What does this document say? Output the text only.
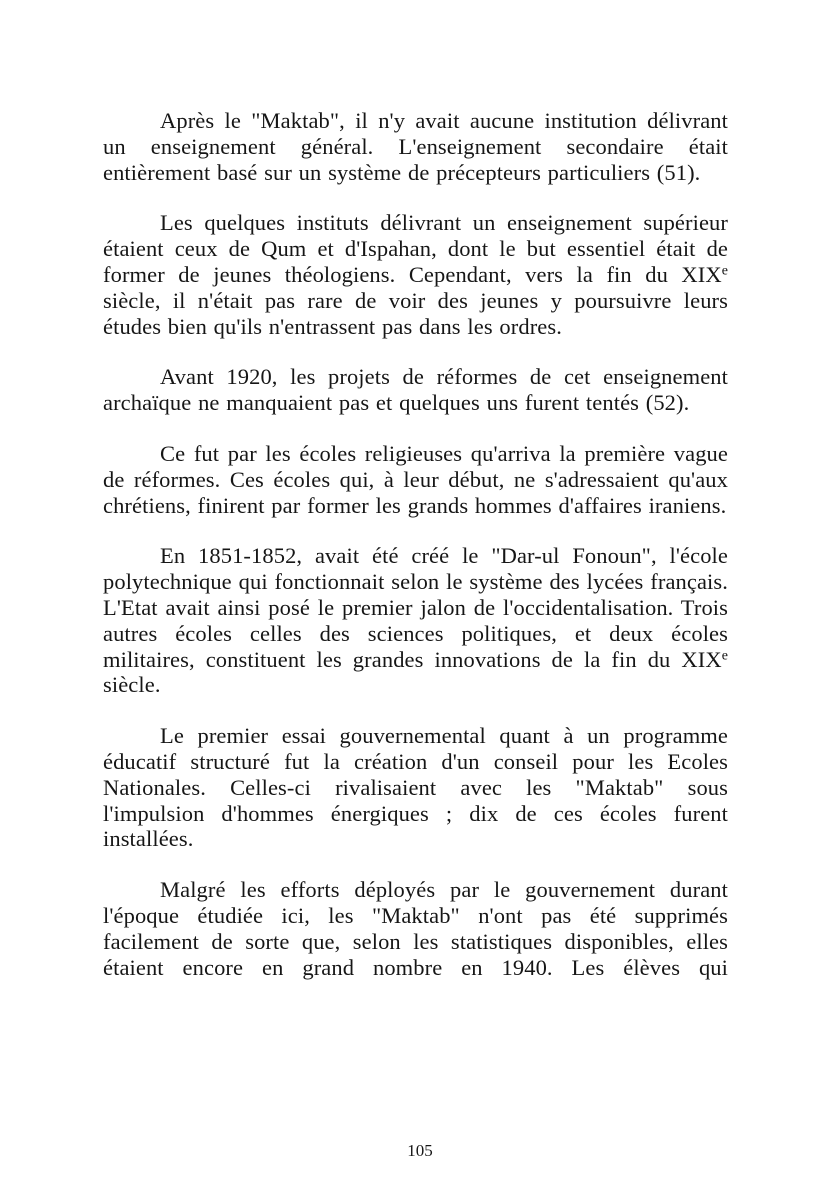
Après le "Maktab", il n'y avait aucune institution délivrant un enseignement général. L'enseignement secondaire était entièrement basé sur un système de précepteurs particuliers (51).

Les quelques instituts délivrant un enseignement supérieur étaient ceux de Qum et d'Ispahan, dont le but essentiel était de former de jeunes théologiens. Cependant, vers la fin du XIXe siècle, il n'était pas rare de voir des jeunes y poursuivre leurs études bien qu'ils n'entrassent pas dans les ordres.

Avant 1920, les projets de réformes de cet enseignement archaïque ne manquaient pas et quelques uns furent tentés (52).

Ce fut par les écoles religieuses qu'arriva la première vague de réformes. Ces écoles qui, à leur début, ne s'adressaient qu'aux chrétiens, finirent par former les grands hommes d'affaires iraniens.

En 1851-1852, avait été créé le "Dar-ul Fonoun", l'école polytechnique qui fonctionnait selon le système des lycées français. L'Etat avait ainsi posé le premier jalon de l'occidentalisation. Trois autres écoles celles des sciences politiques, et deux écoles militaires, constituent les grandes innovations de la fin du XIXe siècle.

Le premier essai gouvernemental quant à un programme éducatif structuré fut la création d'un conseil pour les Ecoles Nationales. Celles-ci rivalisaient avec les "Maktab" sous l'impulsion d'hommes énergiques ; dix de ces écoles furent installées.

Malgré les efforts déployés par le gouvernement durant l'époque étudiée ici, les "Maktab" n'ont pas été supprimés facilement de sorte que, selon les statistiques disponibles, elles étaient encore en grand nombre en 1940. Les élèves qui

105
